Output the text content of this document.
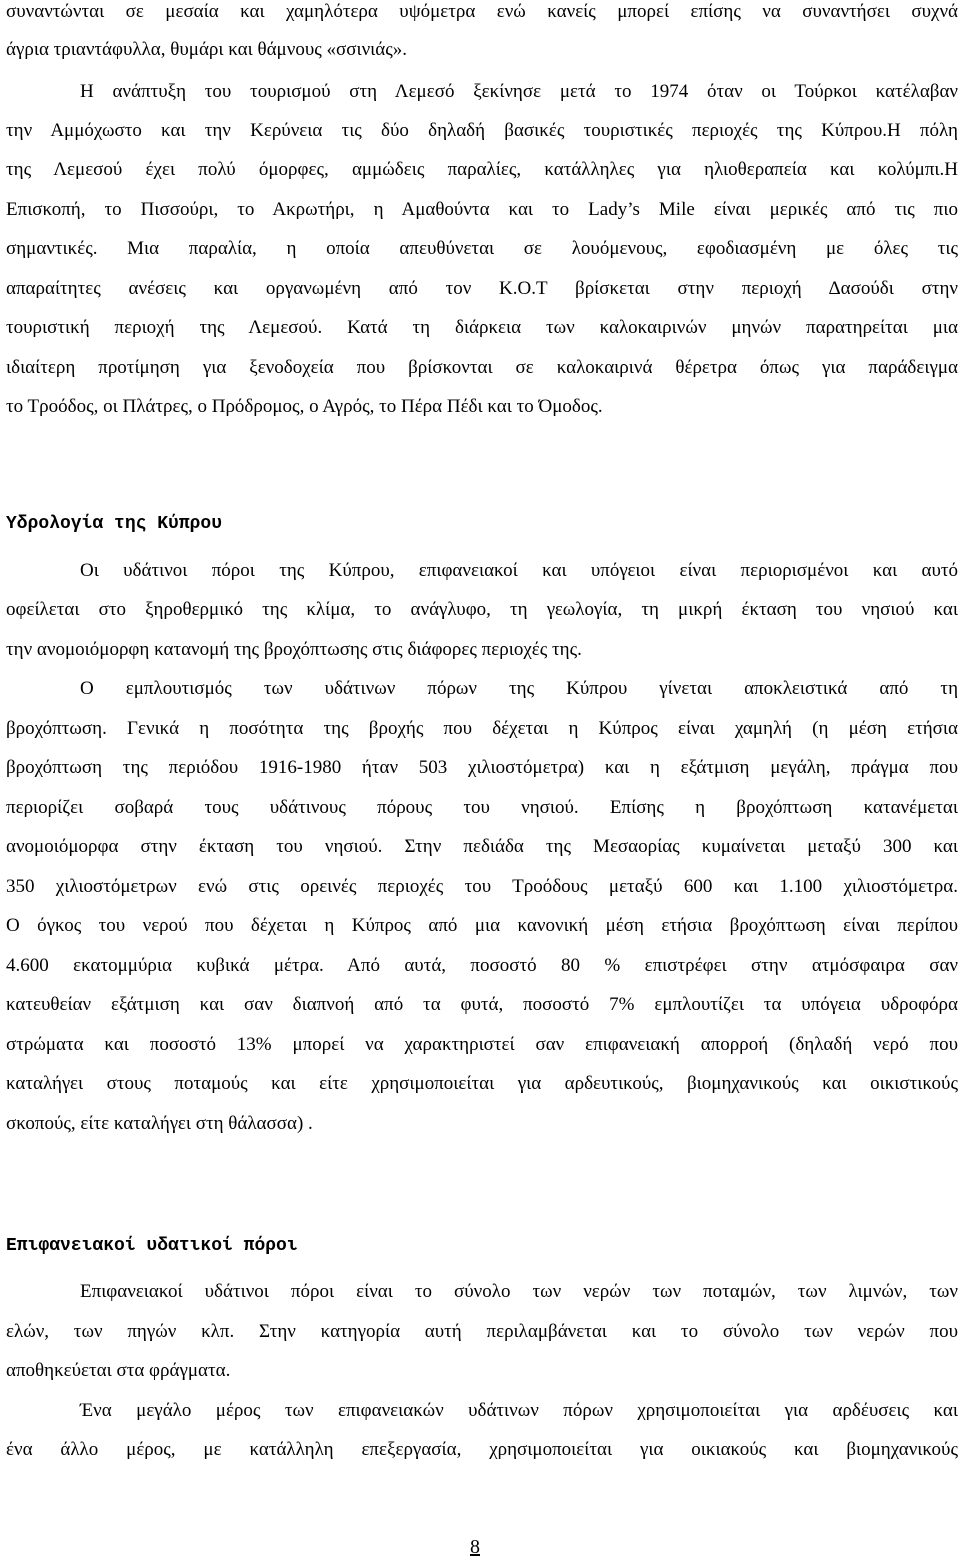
συναντώνται σε μεσαία και χαμηλότερα υψόμετρα ενώ κανείς μπορεί επίσης να συναντήσει συχνά
άγρια τριαντάφυλλα, θυμάρι και θάμνους «σσινιάς».
Η ανάπτυξη του τουρισμού στη Λεμεσό ξεκίνησε μετά το 1974 όταν οι Τούρκοι κατέλαβαν
την Αμμόχωστο και την Κερύνεια τις δύο δηλαδή βασικές τουριστικές περιοχές της Κύπρου.Η πόλη
της Λεμεσού έχει πολύ όμορφες, αμμώδεις παραλίες, κατάλληλες για ηλιοθεραπεία και κολύμπι.Η
Επισκοπή, το Πισσούρι, το Ακρωτήρι, η Αμαθούντα και το Lady’s Mile είναι μερικές από τις πιο
σημαντικές. Μια παραλία, η οποία απευθύνεται σε λουόμενους, εφοδιασμένη με όλες τις
απαραίτητες ανέσεις και οργανωμένη από τον Κ.Ο.Τ βρίσκεται στην περιοχή Δασούδι στην
τουριστική περιοχή της Λεμεσού. Κατά τη διάρκεια των καλοκαιρινών μηνών παρατηρείται μια
ιδιαίτερη προτίμηση για ξενοδοχεία που βρίσκονται σε καλοκαιρινά θέρετρα όπως για παράδειγμα
το Τροόδος, οι Πλάτρες, ο Πρόδρομος, ο Αγρός, το Πέρα Πέδι και το Όμοδος.
Υδρολογία της Κύπρου
Οι υδάτινοι πόροι της Κύπρου, επιφανειακοί και υπόγειοι είναι περιορισμένοι και αυτό
οφείλεται στο ξηροθερμικό της κλίμα, το ανάγλυφο, τη γεωλογία, τη μικρή έκταση του νησιού και
την ανομοιόμορφη κατανομή της βροχόπτωσης στις διάφορες περιοχές της.
Ο εμπλουτισμός των υδάτινων πόρων της Κύπρου γίνεται αποκλειστικά από τη
βροχόπτωση. Γενικά η ποσότητα της βροχής που δέχεται η Κύπρος είναι χαμηλή (η μέση ετήσια
βροχόπτωση της περιόδου 1916-1980 ήταν 503 χιλιοστόμετρα) και η εξάτμιση μεγάλη, πράγμα που
περιορίζει σοβαρά τους υδάτινους πόρους του νησιού. Επίσης η βροχόπτωση κατανέμεται
ανομοιόμορφα στην έκταση του νησιού. Στην πεδιάδα της Μεσαορίας κυμαίνεται μεταξύ 300 και
350 χιλιοστόμετρων ενώ στις ορεινές περιοχές του Τροόδους μεταξύ 600 και 1.100 χιλιοστόμετρα.
Ο όγκος του νερού που δέχεται η Κύπρος από μια κανονική μέση ετήσια βροχόπτωση είναι περίπου
4.600 εκατομμύρια κυβικά μέτρα. Από αυτά, ποσοστό 80 % επιστρέφει στην ατμόσφαιρα σαν
κατευθείαν εξάτμιση και σαν διαπνοή από τα φυτά, ποσοστό 7% εμπλουτίζει τα υπόγεια υδροφόρα
στρώματα και ποσοστό 13% μπορεί να χαρακτηριστεί σαν επιφανειακή απορροή (δηλαδή νερό που
καταλήγει στους ποταμούς και είτε χρησιμοποιείται για αρδευτικούς, βιομηχανικούς και οικιστικούς
σκοπούς, είτε καταλήγει στη θάλασσα) .
Επιφανειακοί υδατικοί πόροι
Επιφανειακοί υδάτινοι πόροι είναι το σύνολο των νερών των ποταμών, των λιμνών, των
ελών, των πηγών κλπ. Στην κατηγορία αυτή περιλαμβάνεται και το σύνολο των νερών που
αποθηκεύεται στα φράγματα.
Ένα μεγάλο μέρος των επιφανειακών υδάτινων πόρων χρησιμοποιείται για αρδέυσεις και
ένα άλλο μέρος, με κατάλληλη επεξεργασία, χρησιμοποιείται για οικιακούς και βιομηχανικούς
8
